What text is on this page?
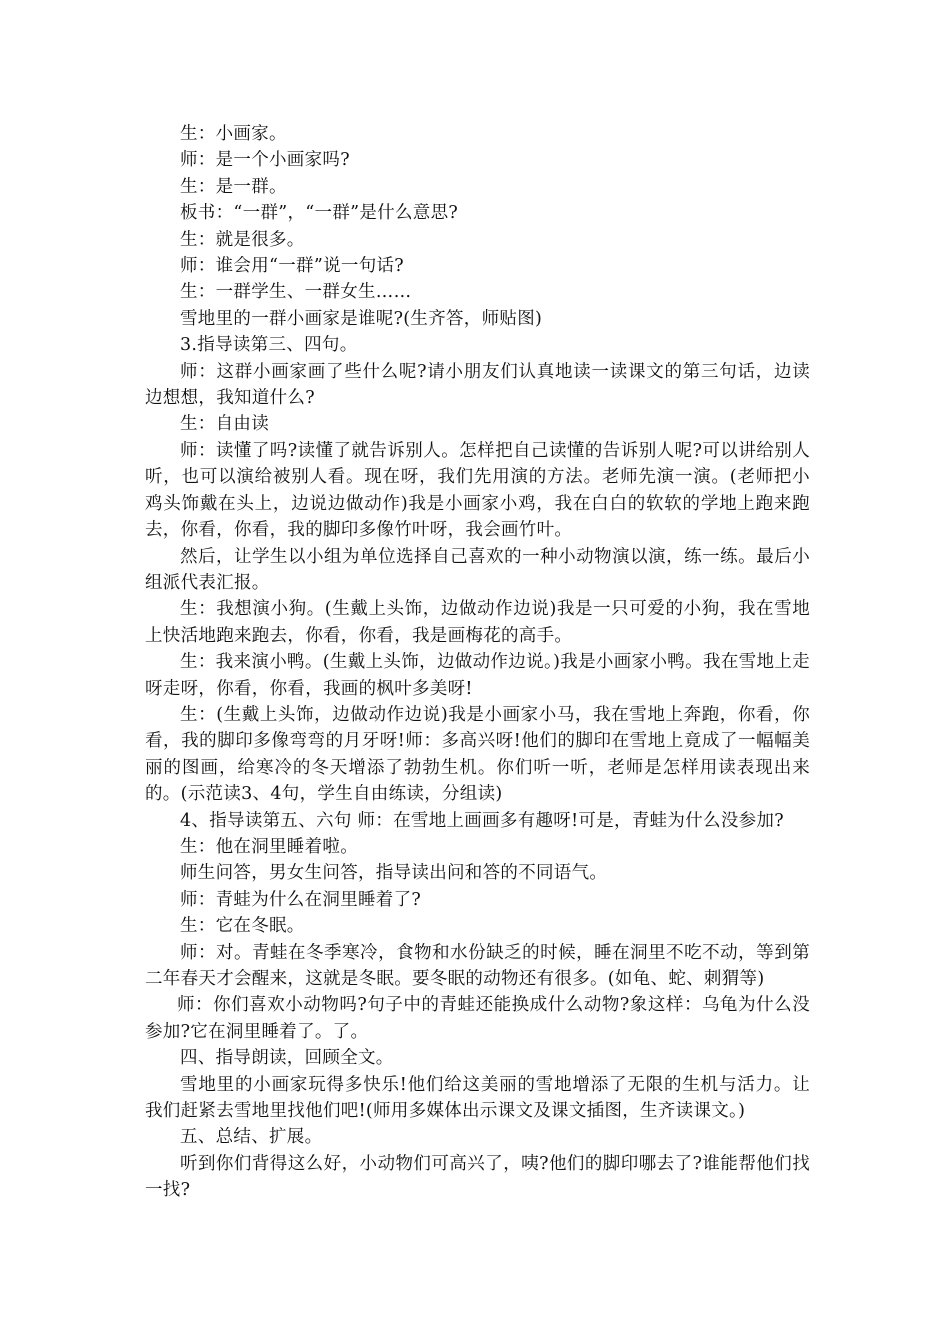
生：小画家。

师：是一个小画家吗?

生：是一群。

板书：“一群”，“一群”是什么意思?

生：就是很多。

师：谁会用“一群”说一句话?

生：一群学生、一群女生……

雪地里的一群小画家是谁呢?(生齐答，师贴图)

3.指导读第三、四句。

师：这群小画家画了些什么呢?请小朋友们认真地读一读课文的第三句话，边读边想想，我知道什么?

生：自由读

师：读懂了吗?读懂了就告诉别人。怎样把自己读懂的告诉别人呢?可以讲给别人听，也可以演给被别人看。现在呀，我们先用演的方法。老师先演一演。(老师把小鸡头饰戴在头上，边说边做动作)我是小画家小鸡，我在白白的软软的学地上跑来跑去，你看，你看，我的脚印多像竹叶呀，我会画竹叶。

然后，让学生以小组为单位选择自己喜欢的一种小动物演以演，练一练。最后小组派代表汇报。

生：我想演小狗。(生戴上头饰，边做动作边说)我是一只可爱的小狗，我在雪地上快活地跑来跑去，你看，你看，我是画梅花的高手。

生：我来演小鸭。(生戴上头饰，边做动作边说。)我是小画家小鸭。我在雪地上走呀走呀，你看，你看，我画的枫叶多美呀!

生：(生戴上头饰，边做动作边说)我是小画家小马，我在雪地上奔跑，你看，你看，我的脚印多像弯弯的月牙呀!师：多高兴呀!他们的脚印在雪地上竟成了一幅幅美丽的图画，给寒冷的冬天增添了勃勃生机。你们听一听，老师是怎样用读表现出来的。(示范读3、4句，学生自由练读，分组读)

4、指导读第五、六句 师：在雪地上画画多有趣呀!可是，青蛙为什么没参加?

生：他在洞里睡着啦。

师生问答，男女生问答，指导读出问和答的不同语气。

师：青蛙为什么在洞里睡着了?

生：它在冬眠。

师：对。青蛙在冬季寒冷，食物和水份缺乏的时候，睡在洞里不吃不动，等到第二年春天才会醒来，这就是冬眠。要冬眠的动物还有很多。(如龟、蛇、刺猬等)

师：你们喜欢小动物吗?句子中的青蛙还能换成什么动物?象这样：乌龟为什么没参加?它在洞里睡着了。了。

四、指导朗读，回顾全文。

雪地里的小画家玩得多快乐!他们给这美丽的雪地增添了无限的生机与活力。让我们赶紧去雪地里找他们吧!(师用多媒体出示课文及课文插图，生齐读课文。)

五、总结、扩展。

听到你们背得这么好，小动物们可高兴了，咦?他们的脚印哪去了?谁能帮他们找一找?
